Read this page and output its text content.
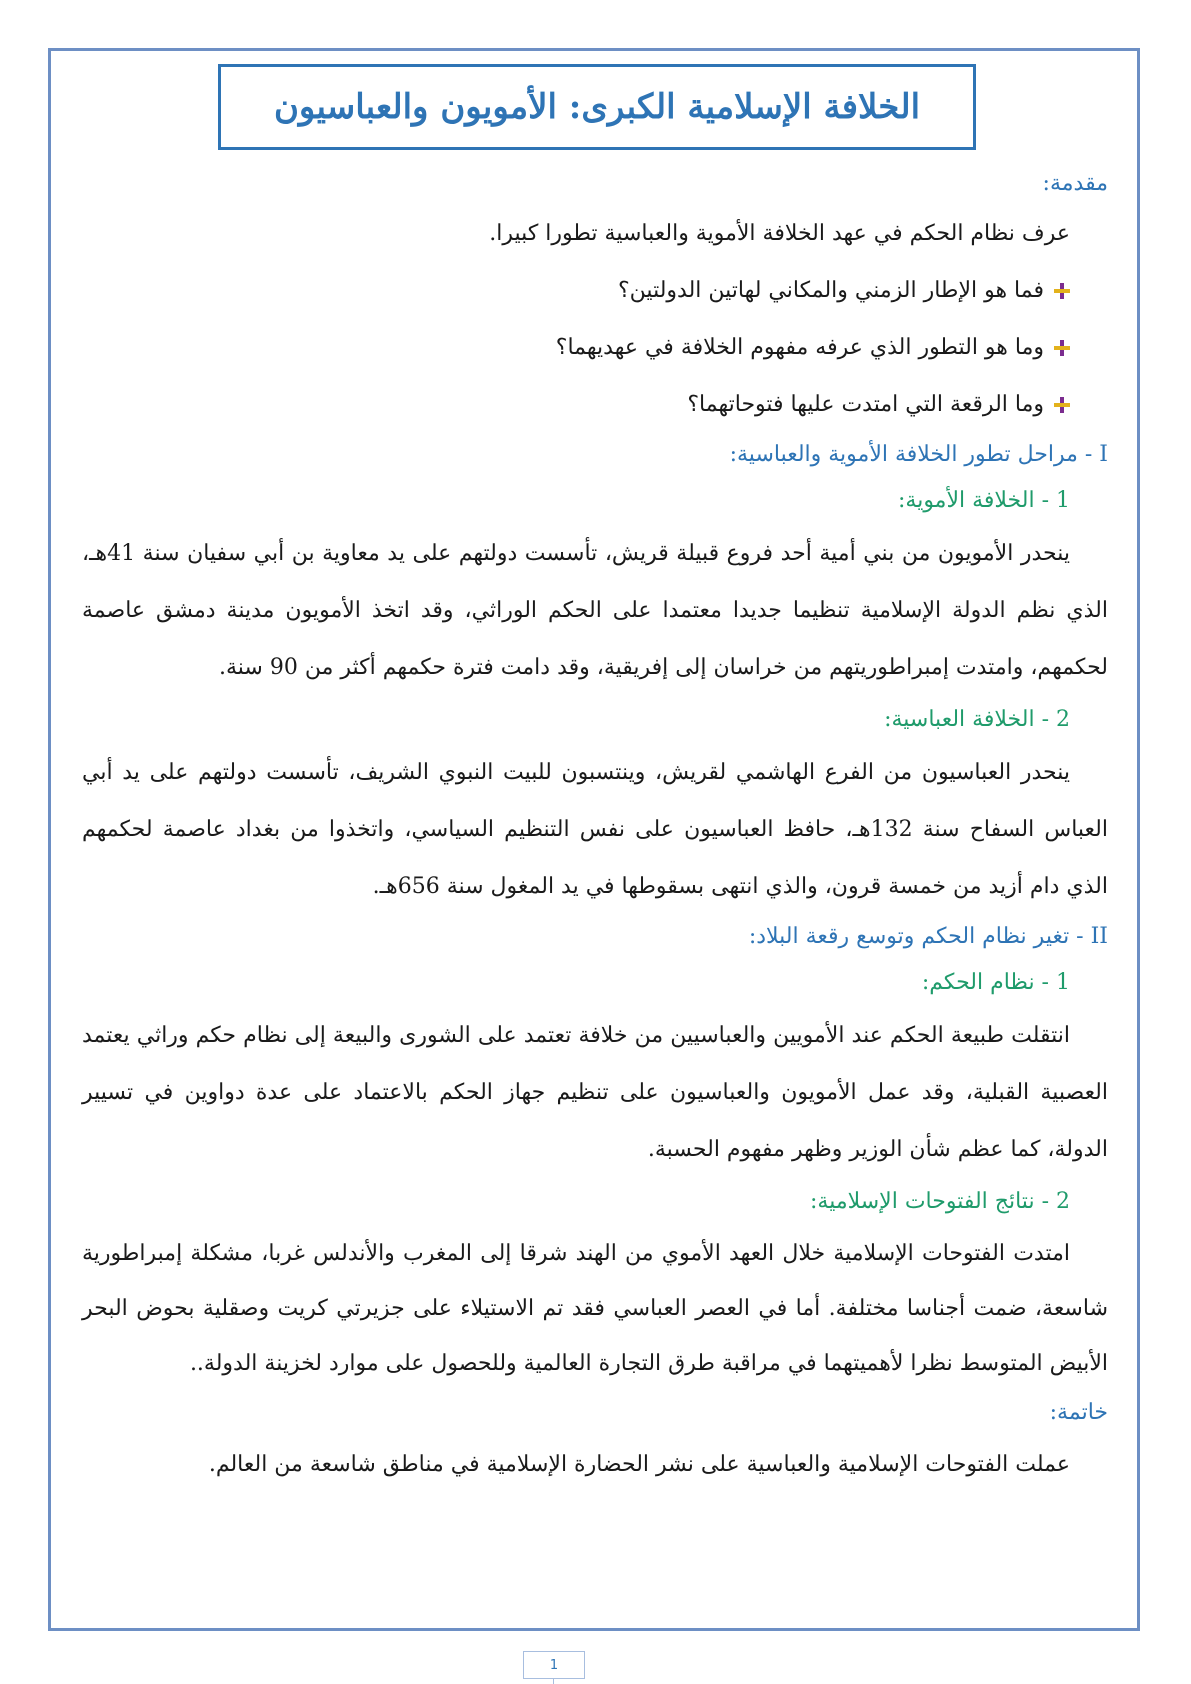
الخلافة الإسلامية الكبرى: الأمويون والعباسيون

مقدمة:

عرف نظام الحكم في عهد الخلافة الأموية والعباسية تطورا كبيرا.

فما هو الإطار الزمني والمكاني لهاتين الدولتين؟
وما هو التطور الذي عرفه مفهوم الخلافة في عهديهما؟
وما الرقعة التي امتدت عليها فتوحاتهما؟

I - مراحل تطور الخلافة الأموية والعباسية:

1 - الخلافة الأموية:

ينحدر الأمويون من بني أمية أحد فروع قبيلة قريش، تأسست دولتهم على يد معاوية بن أبي سفيان سنة 41هـ، الذي نظم الدولة الإسلامية تنظيما جديدا معتمدا على الحكم الوراثي، وقد اتخذ الأمويون مدينة دمشق عاصمة لحكمهم، وامتدت إمبراطوريتهم من خراسان إلى إفريقية، وقد دامت فترة حكمهم أكثر من 90 سنة.

2 - الخلافة العباسية:

ينحدر العباسيون من الفرع الهاشمي لقريش، وينتسبون للبيت النبوي الشريف، تأسست دولتهم على يد أبي العباس السفاح سنة 132هـ، حافظ العباسيون على نفس التنظيم السياسي، واتخذوا من بغداد عاصمة لحكمهم الذي دام أزيد من خمسة قرون، والذي انتهى بسقوطها في يد المغول سنة 656هـ.

II - تغير نظام الحكم وتوسع رقعة البلاد:

1 - نظام الحكم:

انتقلت طبيعة الحكم عند الأمويين والعباسيين من خلافة تعتمد على الشورى والبيعة إلى نظام حكم وراثي يعتمد العصبية القبلية، وقد عمل الأمويون والعباسيون على تنظيم جهاز الحكم بالاعتماد على عدة دواوين في تسيير الدولة، كما عظم شأن الوزير وظهر مفهوم الحسبة.

2 - نتائج الفتوحات الإسلامية:

امتدت الفتوحات الإسلامية خلال العهد الأموي من الهند شرقا إلى المغرب والأندلس غربا، مشكلة إمبراطورية شاسعة، ضمت أجناسا مختلفة. أما في العصر العباسي فقد تم الاستيلاء على جزيرتي كريت وصقلية بحوض البحر الأبيض المتوسط نظرا لأهميتهما في مراقبة طرق التجارة العالمية وللحصول على موارد لخزينة الدولة..

خاتمة:

عملت الفتوحات الإسلامية والعباسية على نشر الحضارة الإسلامية في مناطق شاسعة من العالم.

1
